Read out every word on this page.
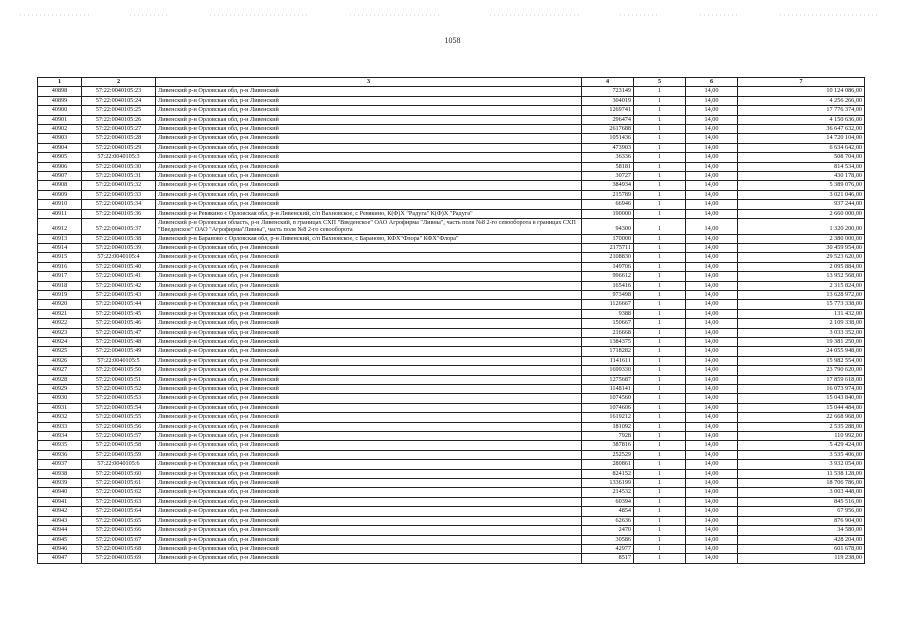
1058
1	2	3	4	5	6	7
40898	57:22:0040105:23	Ливенский р-н Орловская обл, р-н Ливенский	723149	1	14,00	10 124 086,00
40899	57:22:0040105:24	Ливенский р-н Орловская обл, р-н Ливенский	304019	1	14,00	4 256 266,00
40900	57:22:0040105:25	Ливенский р-н Орловская обл, р-н Ливенский	1269741	1	14,00	17 776 374,00
40901	57:22:0040105:26	Ливенский р-н Орловская обл, р-н Ливенский	296474	1	14,00	4 150 636,00
40902	57:22:0040105:27	Ливенский р-н Орловская обл, р-н Ливенский	2617688	1	14,00	36 647 632,00
40903	57:22:0040105:28	Ливенский р-н Орловская обл, р-н Ливенский	1051436	1	14,00	14 720 104,00
40904	57:22:0040105:29	Ливенский р-н Орловская обл, р-н Ливенский	473903	1	14,00	6 634 642,00
40905	57:22:0040105:3	Ливенский р-н Орловская обл, р-н Ливенский	36336	1	14,00	508 704,00
40906	57:22:0040105:30	Ливенский р-н Орловская обл, р-н Ливенский	58181	1	14,00	814 534,00
40907	57:22:0040105:31	Ливенский р-н Орловская обл, р-н Ливенский	30727	1	14,00	430 178,00
40908	57:22:0040105:32	Ливенский р-н Орловская обл, р-н Ливенский	384934	1	14,00	5 389 076,00
40909	57:22:0040105:33	Ливенский р-н Орловская обл, р-н Ливенский	215789	1	14,00	3 021 046,00
40910	57:22:0040105:34	Ливенский р-н Орловская обл, р-н Ливенский	66946	1	14,00	937 244,00
40911	57:22:0040105:36	Ливенский р-н Ревякино с Орловская обл, р-н Ливенский, с/п Вахновское, с Ревякино, К(Ф)Х "Радуга" К(Ф)Х "Радуга"	190000	1	14,00	2 660 000,00
40912	57:22:0040105:37	Ливенский р-н Орловская область, р-н Ливенский, в границах СХП "Введенское" ОАО Агрофирма "Ливны", часть поля №8 2-го севооборота в границах СХП "Введенское" ОАО "Агрофирма"Ливны", часть поля №8 2-го севооборота	94300	1	14,00	1 320 200,00
40913	57:22:0040105:38	Ливенский р-н Бараново с Орловская обл, р-н Ливенский, с/п Вахновское, с Бараново, КФХ"Флора" КФХ"Флора"	170000	1	14,00	2 380 000,00
40914	57:22:0040105:39	Ливенский р-н Орловская обл, р-н Ливенский	2175711	1	14,00	30 459 954,00
40915	57:22:0040105:4	Ливенский р-н Орловская обл, р-н Ливенский	2108830	1	14,00	29 523 620,00
40916	57:22:0040105:40	Ливенский р-н Орловская обл, р-н Ливенский	149706	1	14,00	2 095 884,00
40917	57:22:0040105:41	Ливенский р-н Орловская обл, р-н Ливенский	996612	1	14,00	13 952 568,00
40918	57:22:0040105:42	Ливенский р-н Орловская обл, р-н Ливенский	165416	1	14,00	2 315 824,00
40919	57:22:0040105:43	Ливенский р-н Орловская обл, р-н Ливенский	973498	1	14,00	13 628 972,00
40920	57:22:0040105:44	Ливенский р-н Орловская обл, р-н Ливенский	1126667	1	14,00	15 773 338,00
40921	57:22:0040105:45	Ливенский р-н Орловская обл, р-н Ливенский	9388	1	14,00	131 432,00
40922	57:22:0040105:46	Ливенский р-н Орловская обл, р-н Ливенский	150667	1	14,00	2 109 338,00
40923	57:22:0040105:47	Ливенский р-н Орловская обл, р-н Ливенский	216668	1	14,00	3 033 352,00
40924	57:22:0040105:48	Ливенский р-н Орловская обл, р-н Ливенский	1384375	1	14,00	19 381 250,00
40925	57:22:0040105:49	Ливенский р-н Орловская обл, р-н Ливенский	1718282	1	14,00	24 055 948,00
40926	57:22:0040105:5	Ливенский р-н Орловская обл, р-н Ливенский	1141611	1	14,00	15 982 554,00
40927	57:22:0040105:50	Ливенский р-н Орловская обл, р-н Ливенский	1699330	1	14,00	23 790 620,00
40928	57:22:0040105:51	Ливенский р-н Орловская обл, р-н Ливенский	1275687	1	14,00	17 859 618,00
40929	57:22:0040105:52	Ливенский р-н Орловская обл, р-н Ливенский	1148141	1	14,00	16 073 974,00
40930	57:22:0040105:53	Ливенский р-н Орловская обл, р-н Ливенский	1074560	1	14,00	15 043 840,00
40931	57:22:0040105:54	Ливенский р-н Орловская обл, р-н Ливенский	1074606	1	14,00	15 044 484,00
40932	57:22:0040105:55	Ливенский р-н Орловская обл, р-н Ливенский	1619212	1	14,00	22 668 968,00
40933	57:22:0040105:56	Ливенский р-н Орловская обл, р-н Ливенский	181092	1	14,00	2 535 288,00
40934	57:22:0040105:57	Ливенский р-н Орловская обл, р-н Ливенский	7928	1	14,00	110 992,00
40935	57:22:0040105:58	Ливенский р-н Орловская обл, р-н Ливенский	387816	1	14,00	5 429 424,00
40936	57:22:0040105:59	Ливенский р-н Орловская обл, р-н Ливенский	252529	1	14,00	3 535 406,00
40937	57:22:0040105:6	Ливенский р-н Орловская обл, р-н Ливенский	280861	1	14,00	3 932 054,00
40938	57:22:0040105:60	Ливенский р-н Орловская обл, р-н Ливенский	824152	1	14,00	11 538 128,00
40939	57:22:0040105:61	Ливенский р-н Орловская обл, р-н Ливенский	1336199	1	14,00	18 706 786,00
40940	57:22:0040105:62	Ливенский р-н Орловская обл, р-н Ливенский	214532	1	14,00	3 003 448,00
40941	57:22:0040105:63	Ливенский р-н Орловская обл, р-н Ливенский	60394	1	14,00	845 516,00
40942	57:22:0040105:64	Ливенский р-н Орловская обл, р-н Ливенский	4854	1	14,00	67 956,00
40943	57:22:0040105:65	Ливенский р-н Орловская обл, р-н Ливенский	62636	1	14,00	876 904,00
40944	57:22:0040105:66	Ливенский р-н Орловская обл, р-н Ливенский	2470	1	14,00	34 580,00
40945	57:22:0040105:67	Ливенский р-н Орловская обл, р-н Ливенский	30586	1	14,00	428 204,00
40946	57:22:0040105:68	Ливенский р-н Орловская обл, р-н Ливенский	42977	1	14,00	601 678,00
40947	57:22:0040105:69	Ливенский р-н Орловская обл, р-н Ливенский	8517	1	14,00	119 238,00
